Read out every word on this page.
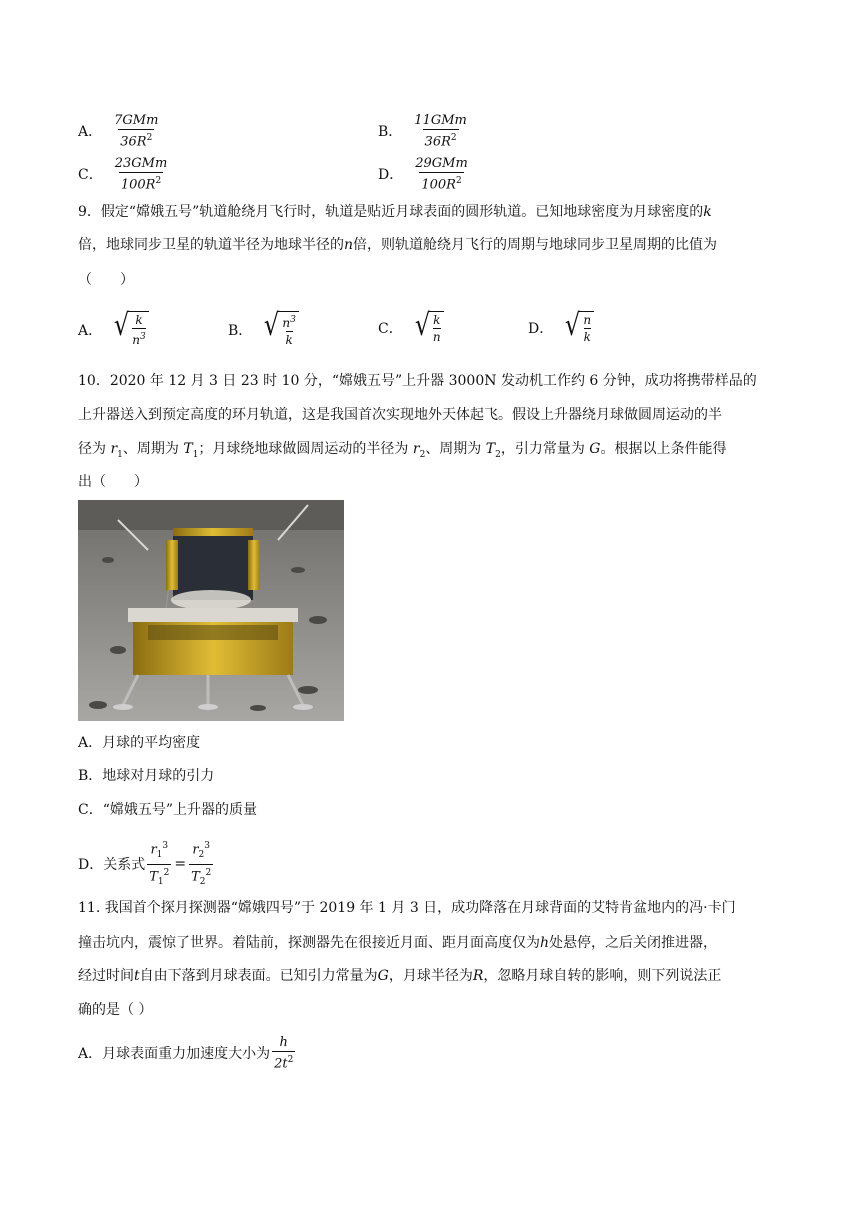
A． $\frac{\text{7GMm}}{36R^2}$	B． $\frac{\text{11GMm}}{36R^2}$
C． $\frac{\text{23GMm}}{100R^2}$	D． $\frac{\text{29GMm}}{100R^2}$
9．假定“嫦娥五号”轨道舱绕月飞行时，轨道是贴近月球表面的圆形轨道。已知地球密度为月球密度的k
倍，地球同步卫星的轨道半径为地球半径的n倍，则轨道舱绕月飞行的周期与地球同步卫星周期的比值为
（　　）
A． √ k
$n^3$	B． √ $n^3$
k
C． √ k
n	D． √ n
k
10．2020 年 12 月 3 日 23 时 10 分，“嫦娥五号”上升器 3000N 发动机工作约 6 分钟，成功将携带样品的
上升器送入到预定高度的环月轨道，这是我国首次实现地外天体起飞。假设上升器绕月球做圆周运动的半
径为 $r_1$、周期为 $T_1$；月球绕地球做圆周运动的半径为 $r_2$、周期为 $T_2$，引力常量为 G。根据以上条件能得
出（　　）
A．月球的平均密度
B．地球对月球的引力
C．“嫦娥五号”上升器的质量
D．关系式 $\frac{r_1^3}{T_1^2} = \frac{r_2^3}{T_2^2}$
11. 我国首个探月探测器“嫦娥四号”于 2019 年 1 月 3 日，成功降落在月球背面的艾特肯盆地内的冯·卡门
撞击坑内，震惊了世界。着陆前，探测器先在很接近月面、距月面高度仅为h处悬停，之后关闭推进器，
经过时间t自由下落到月球表面。已知引力常量为G，月球半径为R，忽略月球自转的影响，则下列说法正
确的是（ ）
A．月球表面重力加速度大小为 $\frac{h}{2t^2}$
